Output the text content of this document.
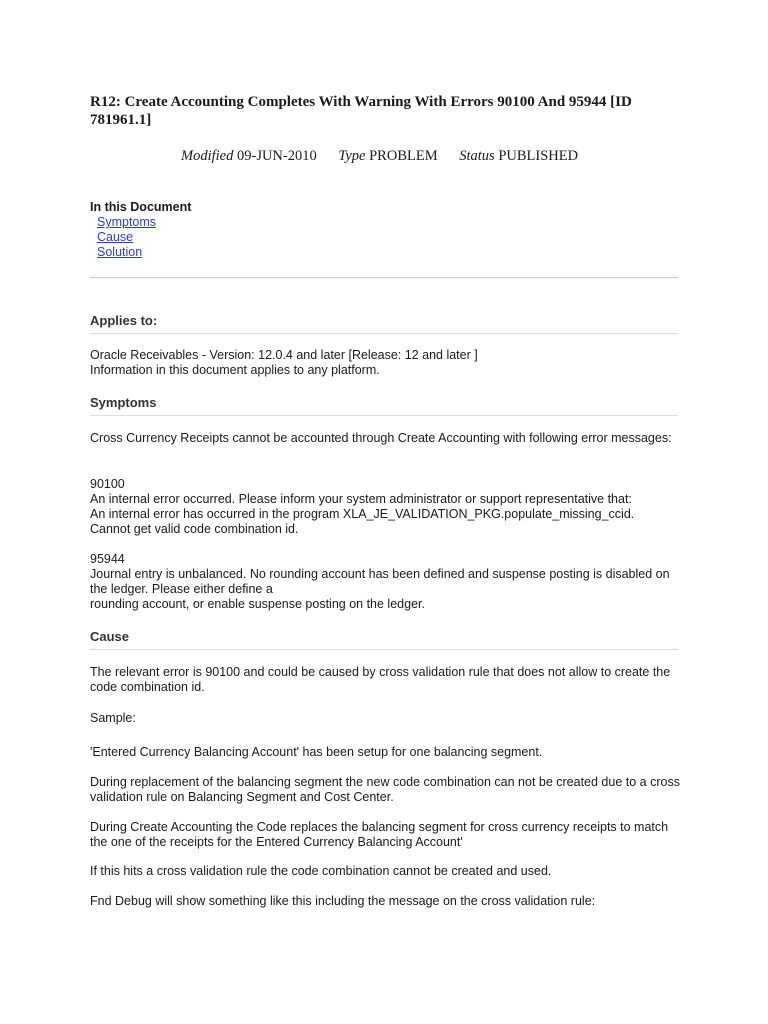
R12: Create Accounting Completes With Warning With Errors 90100 And 95944 [ID 781961.1]
Modified 09-JUN-2010 Type PROBLEM Status PUBLISHED

In this Document

Symptoms
Cause
Solution
Applies to:

Oracle Receivables - Version: 12.0.4 and later [Release: 12 and later ]

Information in this document applies to any platform.

Symptoms

Cross Currency Receipts cannot be accounted through Create Accounting with following error messages:

90100

An internal error occurred. Please inform your system administrator or support representative that:

An internal error has occurred in the program XLA_JE_VALIDATION_PKG.populate_missing_ccid.

Cannot get valid code combination id.

95944

Journal entry is unbalanced. No rounding account has been defined and suspense posting is disabled on the ledger. Please either define a

rounding account, or enable suspense posting on the ledger.

Cause

The relevant error is 90100 and could be caused by cross validation rule that does not allow to create the code combination id.

Sample:

'Entered Currency Balancing Account' has been setup for one balancing segment.

During replacement of the balancing segment the new code combination can not be created due to a cross validation rule on Balancing Segment and Cost Center.

During Create Accounting the Code replaces the balancing segment for cross currency receipts to match the one of the receipts for the Entered Currency Balancing Account'

If this hits a cross validation rule the code combination cannot be created and used.

Fnd Debug will show something like this including the message on the cross validation rule:
